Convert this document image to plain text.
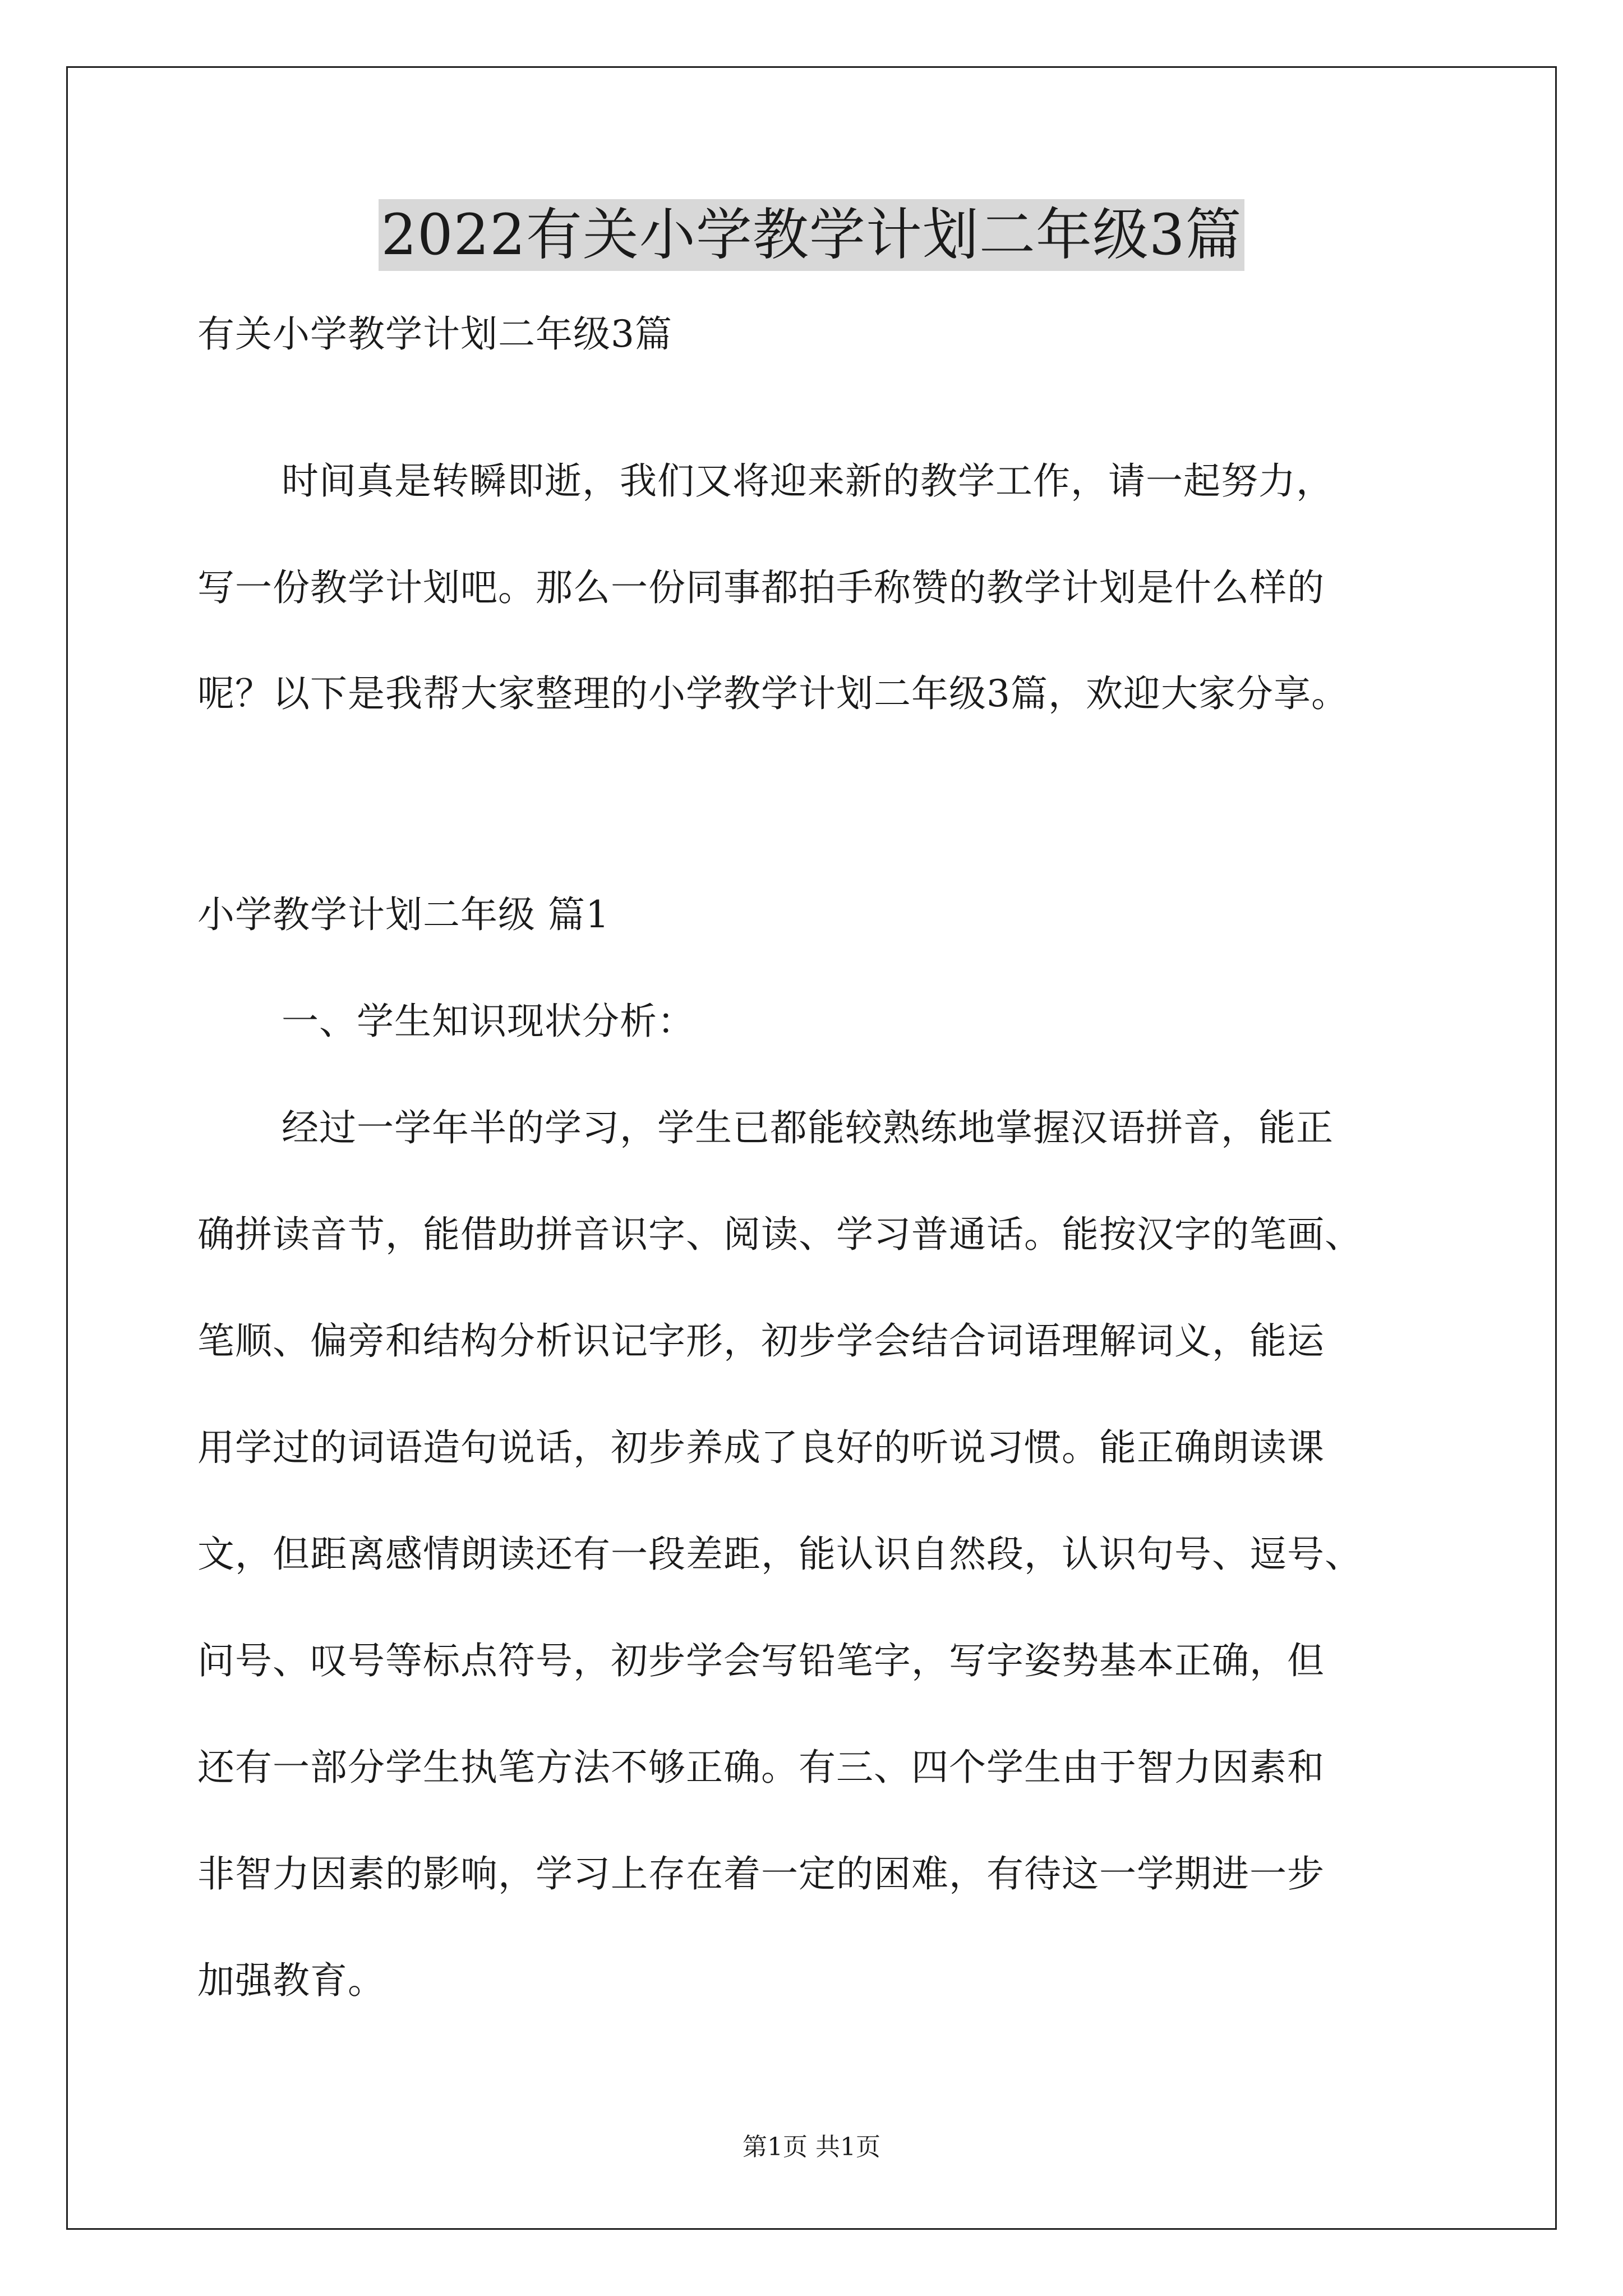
2022有关小学教学计划二年级3篇
有关小学教学计划二年级3篇
时间真是转瞬即逝，我们又将迎来新的教学工作，请一起努力，
写一份教学计划吧。那么一份同事都拍手称赞的教学计划是什么样的
呢？以下是我帮大家整理的小学教学计划二年级3篇，欢迎大家分享。
小学教学计划二年级 篇1
一、学生知识现状分析：
经过一学年半的学习，学生已都能较熟练地掌握汉语拼音，能正
确拼读音节，能借助拼音识字、阅读、学习普通话。能按汉字的笔画、
笔顺、偏旁和结构分析识记字形，初步学会结合词语理解词义，能运
用学过的词语造句说话，初步养成了良好的听说习惯。能正确朗读课
文，但距离感情朗读还有一段差距，能认识自然段，认识句号、逗号、
问号、叹号等标点符号，初步学会写铅笔字，写字姿势基本正确，但
还有一部分学生执笔方法不够正确。有三、四个学生由于智力因素和
非智力因素的影响，学习上存在着一定的困难，有待这一学期进一步
加强教育。
第1页 共1页
